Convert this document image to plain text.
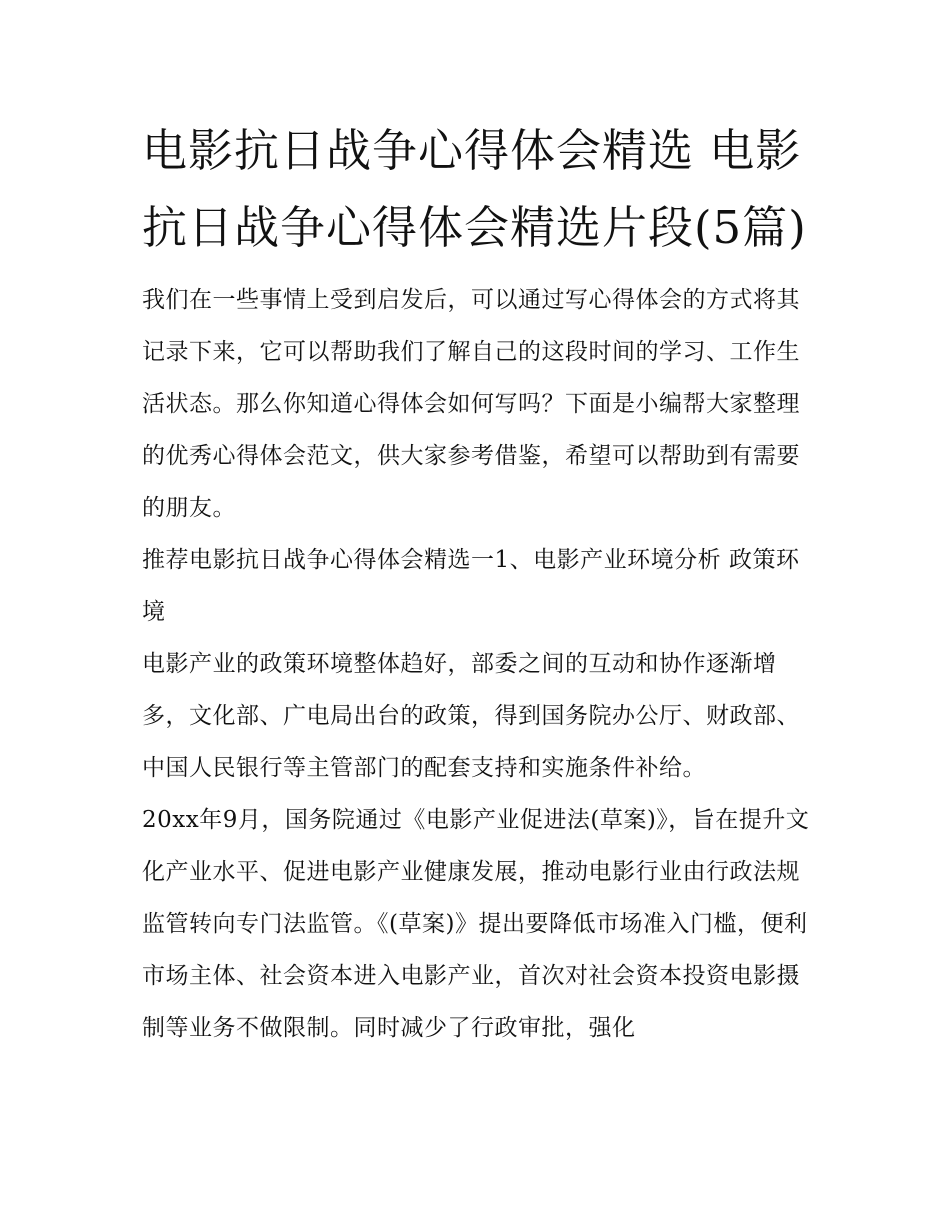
电影抗日战争心得体会精选 电影抗日战争心得体会精选片段(5篇)

我们在一些事情上受到启发后，可以通过写心得体会的方式将其记录下来，它可以帮助我们了解自己的这段时间的学习、工作生活状态。那么你知道心得体会如何写吗？下面是小编帮大家整理的优秀心得体会范文，供大家参考借鉴，希望可以帮助到有需要的朋友。

推荐电影抗日战争心得体会精选一1、电影产业环境分析 政策环境

电影产业的政策环境整体趋好，部委之间的互动和协作逐渐增多，文化部、广电局出台的政策，得到国务院办公厅、财政部、中国人民银行等主管部门的配套支持和实施条件补给。

20xx年9月，国务院通过《电影产业促进法(草案)》，旨在提升文化产业水平、促进电影产业健康发展，推动电影行业由行政法规监管转向专门法监管。《(草案)》提出要降低市场准入门槛，便利市场主体、社会资本进入电影产业，首次对社会资本投资电影摄制等业务不做限制。同时减少了行政审批，强化
